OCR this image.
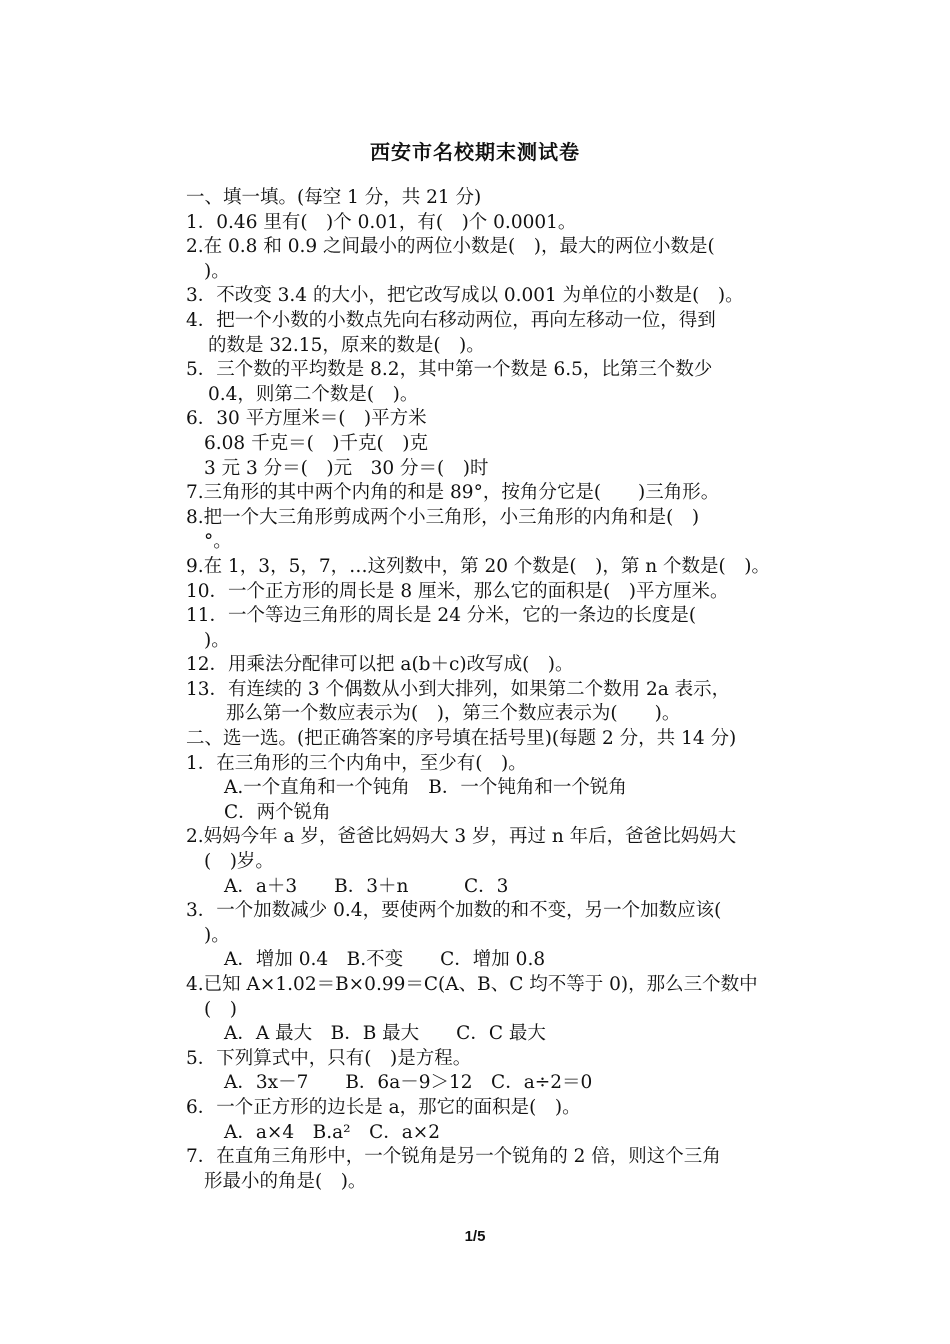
西安市名校期末测试卷
一、填一填。(每空 1 分，共 21 分)
1．0.46 里有(　)个 0.01，有(　)个 0.0001。
2.在 0.8 和 0.9 之间最小的两位小数是(　)，最大的两位小数是(
)。
3．不改变 3.4 的大小，把它改写成以 0.001 为单位的小数是(　)。
4．把一个小数的小数点先向右移动两位，再向左移动一位，得到
的数是 32.15，原来的数是(　)。
5．三个数的平均数是 8.2，其中第一个数是 6.5，比第三个数少
0.4，则第二个数是(　)。
6．30 平方厘米＝(　)平方米
6.08 千克＝(　)千克(　)克
3 元 3 分＝(　)元　30 分＝(　)时
7.三角形的其中两个内角的和是 89°，按角分它是(　　)三角形。
8.把一个大三角形剪成两个小三角形，小三角形的内角和是(　)
°。
9.在 1，3，5，7，…这列数中，第 20 个数是(　)，第 n 个数是(　)。
10．一个正方形的周长是 8 厘米，那么它的面积是(　)平方厘米。
11．一个等边三角形的周长是 24 分米，它的一条边的长度是(
)。
12．用乘法分配律可以把 a(b＋c)改写成(　)。
13．有连续的 3 个偶数从小到大排列，如果第二个数用 2a 表示，
那么第一个数应表示为(　)，第三个数应表示为(　　)。
二、选一选。(把正确答案的序号填在括号里)(每题 2 分，共 14 分)
1．在三角形的三个内角中，至少有(　)。
A.一个直角和一个钝角　B．一个钝角和一个锐角
C．两个锐角
2.妈妈今年 a 岁，爸爸比妈妈大 3 岁，再过 n 年后，爸爸比妈妈大
(　)岁。
A．a＋3　　B．3＋n　　　C．3
3．一个加数减少 0.4，要使两个加数的和不变，另一个加数应该(
)。
A．增加 0.4　B.不变　　C．增加 0.8
4.已知 A×1.02＝B×0.99＝C(A、B、C 均不等于 0)，那么三个数中
(　)
A．A 最大　B．B 最大　　C．C 最大
5．下列算式中，只有(　)是方程。
A．3x－7　　B．6a－9＞12　C．a÷2＝0
6．一个正方形的边长是 a，那它的面积是(　)。
A．a×4　B.a²　C．a×2
7．在直角三角形中，一个锐角是另一个锐角的 2 倍，则这个三角
形最小的角是(　)。
1/5
